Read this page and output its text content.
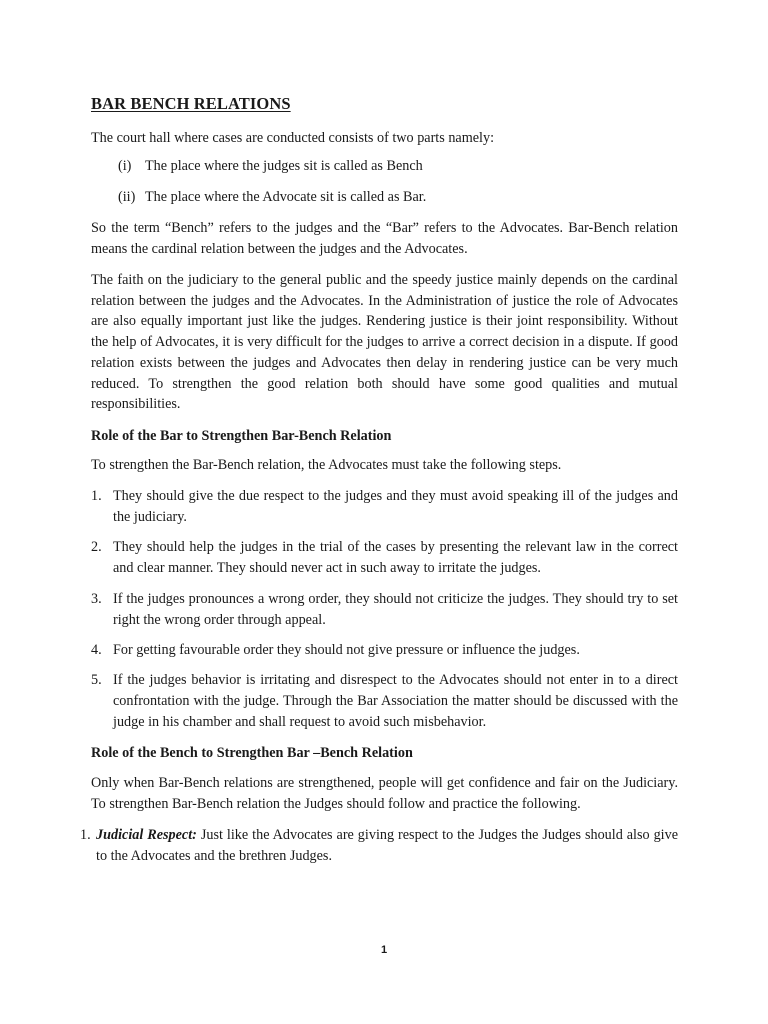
BAR BENCH RELATIONS

The court hall where cases are conducted consists of two parts namely:

(i) The place where the judges sit is called as Bench
(ii) The place where the Advocate sit is called as Bar.

So the term “Bench” refers to the judges and the “Bar” refers to the Advocates. Bar-Bench relation means the cardinal relation between the judges and the Advocates.

The faith on the judiciary to the general public and the speedy justice mainly depends on the cardinal relation between the judges and the Advocates. In the Administration of justice the role of Advocates are also equally important just like the judges. Rendering justice is their joint responsibility. Without the help of Advocates, it is very difficult for the judges to arrive a correct decision in a dispute. If good relation exists between the judges and Advocates then delay in rendering justice can be very much reduced. To strengthen the good relation both should have some good qualities and mutual responsibilities.

Role of the Bar to Strengthen Bar-Bench Relation

To strengthen the Bar-Bench relation, the Advocates must take the following steps.

1. They should give the due respect to the judges and they must avoid speaking ill of the judges and the judiciary.
2. They should help the judges in the trial of the cases by presenting the relevant law in the correct and clear manner. They should never act in such away to irritate the judges.
3. If the judges pronounces a wrong order, they should not criticize the judges. They should try to set right the wrong order through appeal.
4. For getting favourable order they should not give pressure or influence the judges.
5. If the judges behavior is irritating and disrespect to the Advocates should not enter in to a direct confrontation with the judge. Through the Bar Association the matter should be discussed with the judge in his chamber and shall request to avoid such misbehavior.

Role of the Bench to Strengthen Bar –Bench Relation

Only when Bar-Bench relations are strengthened, people will get confidence and fair on the Judiciary. To strengthen Bar-Bench relation the Judges should follow and practice the following.

1. Judicial Respect: Just like the Advocates are giving respect to the Judges the Judges should also give to the Advocates and the brethren Judges.
1
